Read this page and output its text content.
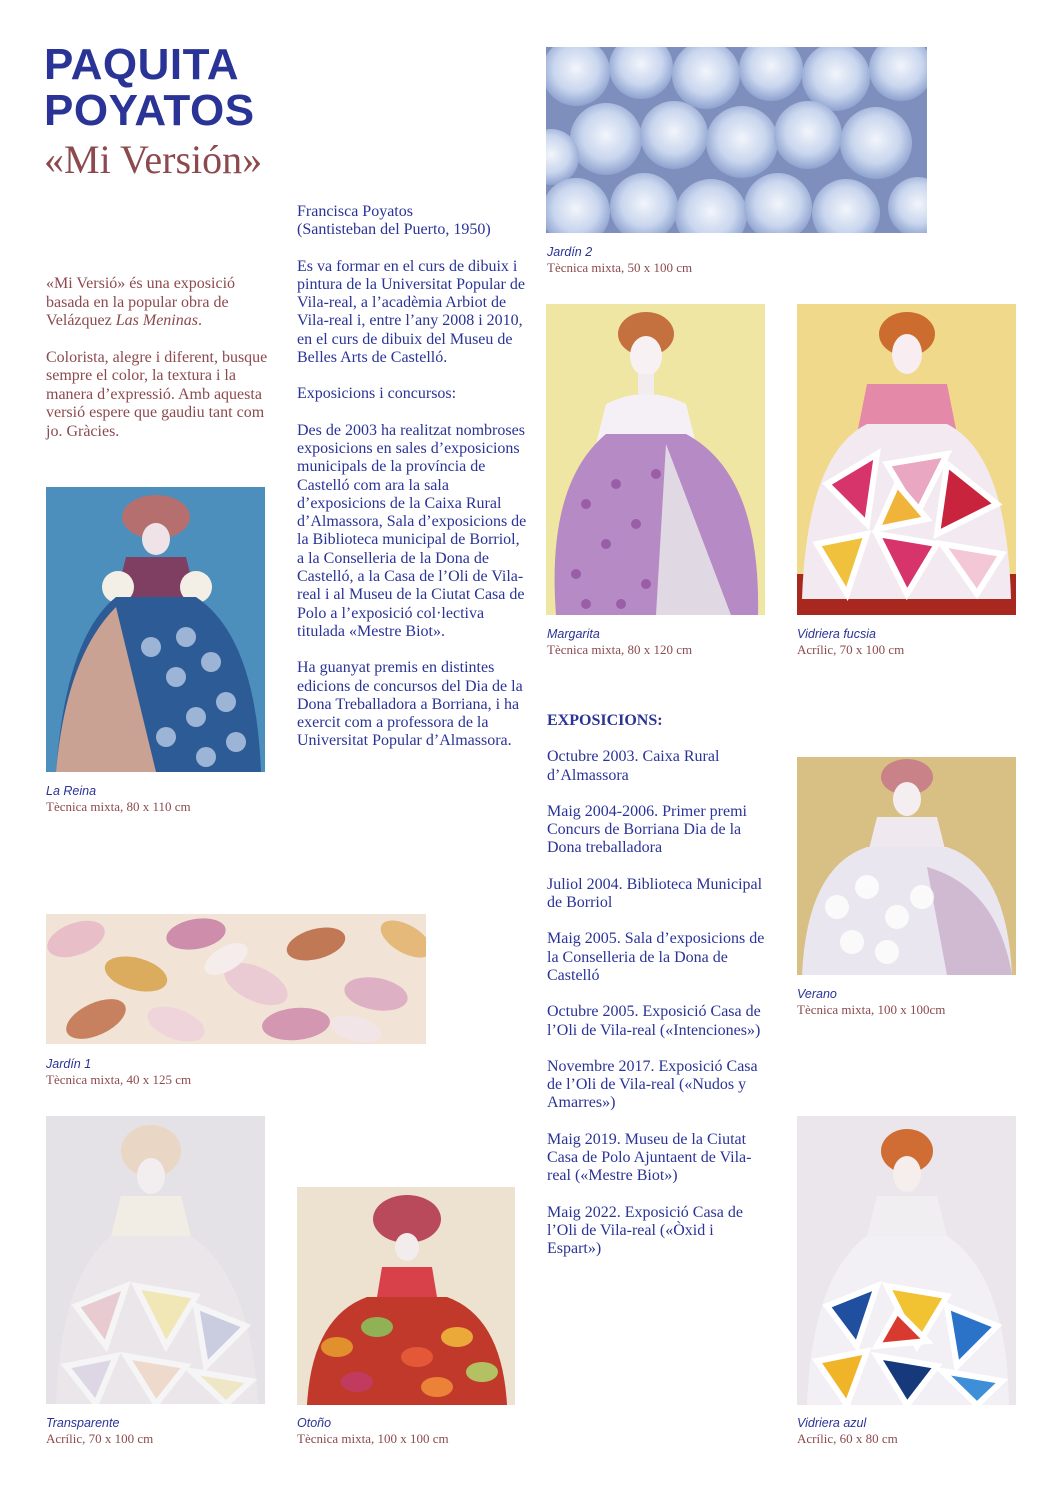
PAQUITA
POYATOS
«Mi Versión»

«Mi Versió» és una exposició basada en la popular obra de Velázquez Las Meninas.

Colorista, alegre i diferent, busque sempre el color, la textura i la manera d’expressió. Amb aquesta versió espere que gaudiu tant com jo. Gràcies.

Francisca Poyatos
(Santisteban del Puerto, 1950)

Es va formar en el curs de dibuix i pintura de la Universitat Popular de Vila-real, a l’acadèmia Arbiot de Vila-real i, entre l’any 2008 i 2010, en el curs de dibuix del Museu de Belles Arts de Castelló.

Exposicions i concursos:

Des de 2003 ha realitzat nombroses exposicions en sales d’exposicions municipals de la província de Castelló com ara la sala d’exposicions de la Caixa Rural d’Almassora, Sala d’exposicions de la Biblioteca municipal de Borriol, a la Conselleria de la Dona de Castelló, a la Casa de l’Oli de Vila-real i al Museu de la Ciutat Casa de Polo a l’exposició col·lectiva titulada «Mestre Biot».

Ha guanyat premis en distintes edicions de concursos del Dia de la Dona Treballadora a Borriana, i ha exercit com a professora de la Universitat Popular d’Almassora.

EXPOSICIONS:

Octubre 2003. Caixa Rural d’Almassora

Maig 2004-2006. Primer premi Concurs de Borriana Dia de la Dona treballadora

Juliol 2004. Biblioteca Municipal de Borriol

Maig 2005. Sala d’exposicions de la Conselleria de la Dona de Castelló

Octubre 2005. Exposició Casa de l’Oli de Vila-real («Intenciones»)

Novembre 2017. Exposició Casa de l’Oli de Vila-real («Nudos y Amarres»)

Maig 2019. Museu de la Ciutat Casa de Polo Ajuntaent de Vila-real («Mestre Biot»)

Maig 2022. Exposició Casa de l’Oli de Vila-real («Òxid i Espart»)

Jardín 2
Tècnica mixta, 50 x 100 cm
Margarita
Tècnica mixta, 80 x 120 cm
Vidriera fucsia
Acrílic, 70 x 100 cm
La Reina
Tècnica mixta, 80 x 110 cm
Jardín 1
Tècnica mixta, 40 x 125 cm
Verano
Tècnica mixta, 100 x 100cm
Transparente
Acrílic, 70 x 100 cm
Otoño
Tècnica mixta, 100 x 100 cm
Vidriera azul
Acrílic, 60 x 80 cm
